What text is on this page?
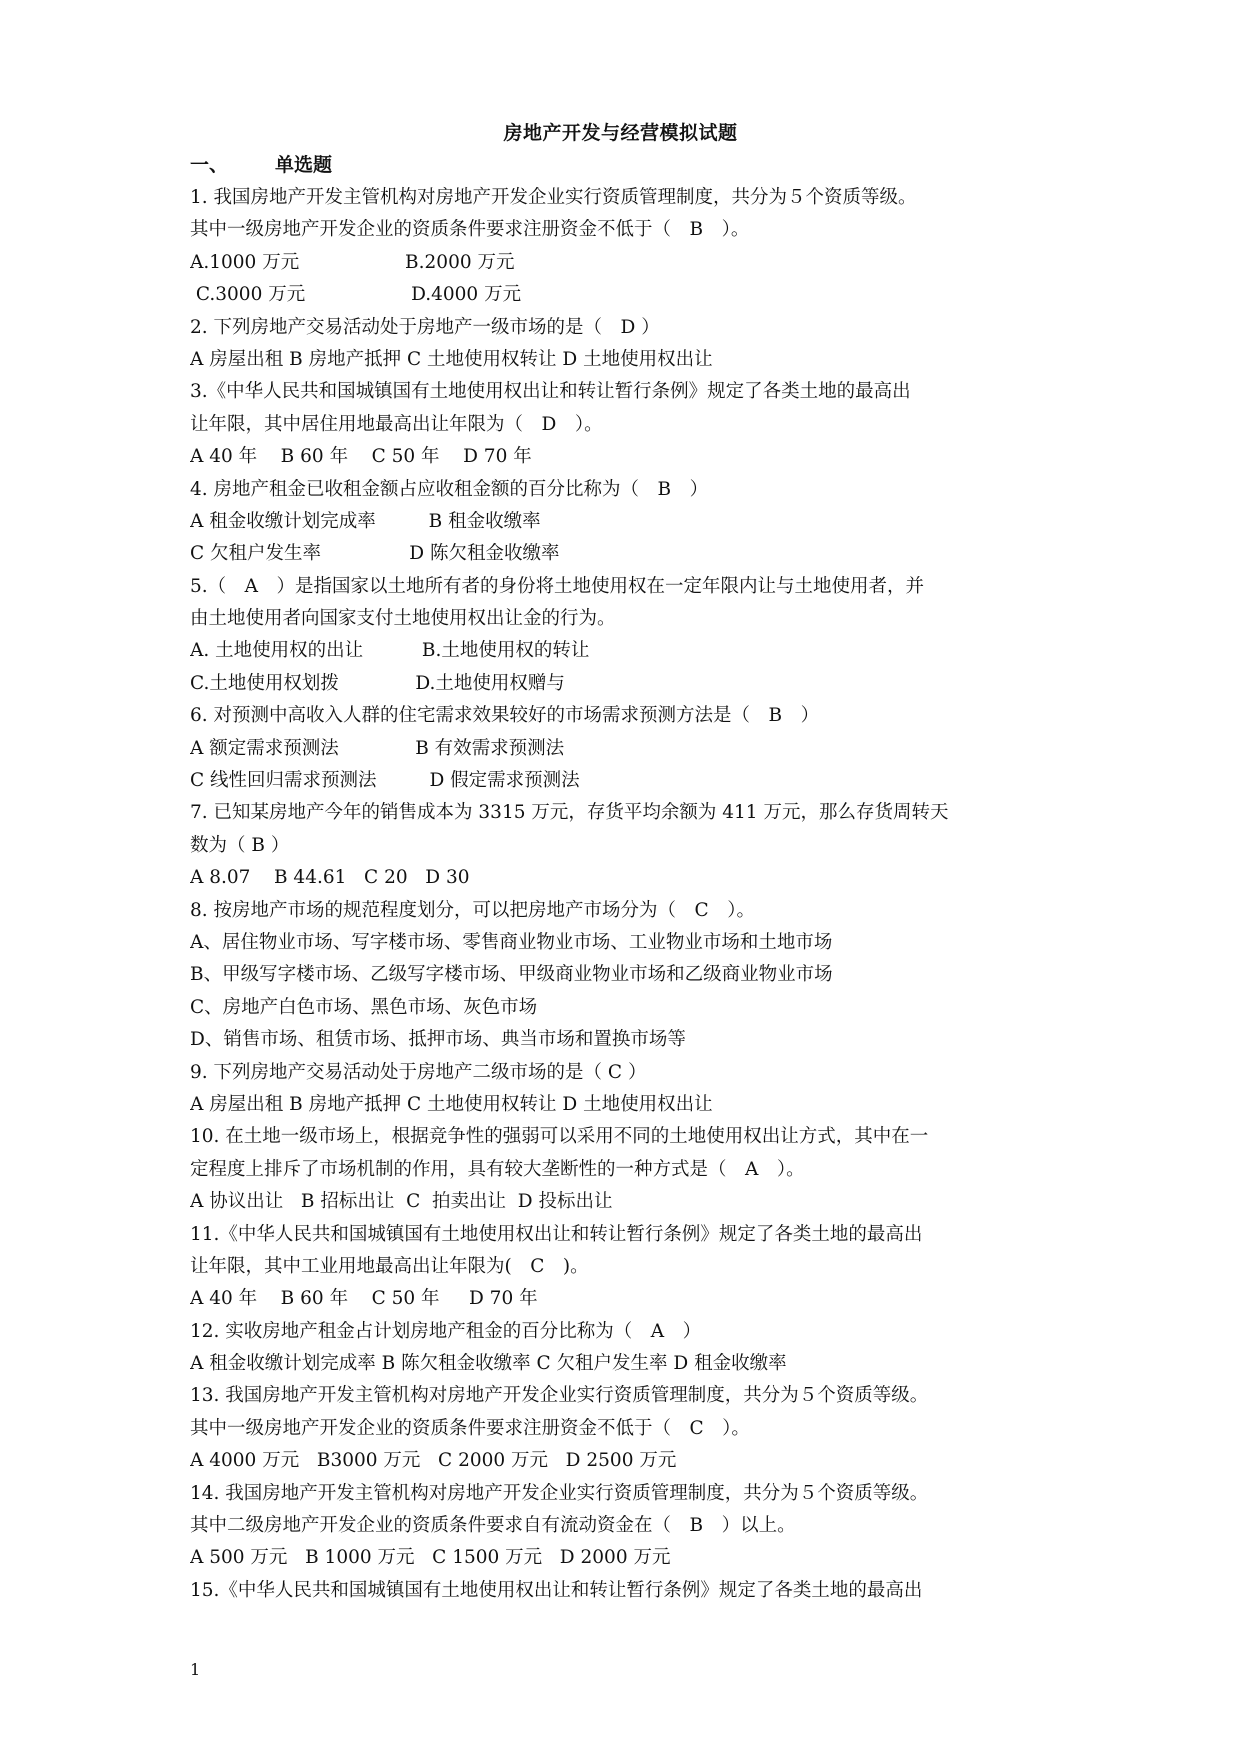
房地产开发与经营模拟试题
一、 单选题
1. 我国房地产开发主管机构对房地产开发企业实行资质管理制度，共分为５个资质等级。
其中一级房地产开发企业的资质条件要求注册资金不低于（　B　）。
A.1000 万元                  B.2000 万元
C.3000 万元                  D.4000 万元
2. 下列房地产交易活动处于房地产一级市场的是（　D ）
A 房屋出租 B 房地产抵押 C 土地使用权转让 D 土地使用权出让
3.《中华人民共和国城镇国有土地使用权出让和转让暂行条例》规定了各类土地的最高出
让年限，其中居住用地最高出让年限为（　D　）。
A 40 年    B 60 年    C 50 年    D 70 年
4. 房地产租金已收租金额占应收租金额的百分比称为（　B　）
A 租金收缴计划完成率         B 租金收缴率
C 欠租户发生率               D 陈欠租金收缴率
5.（　A　）是指国家以土地所有者的身份将土地使用权在一定年限内让与土地使用者，并
由土地使用者向国家支付土地使用权出让金的行为。
A. 土地使用权的出让          B.土地使用权的转让
C.土地使用权划拨             D.土地使用权赠与
6. 对预测中高收入人群的住宅需求效果较好的市场需求预测方法是（　B　）
A 额定需求预测法             B 有效需求预测法
C 线性回归需求预测法         D 假定需求预测法
7. 已知某房地产今年的销售成本为 3315 万元，存货平均余额为 411 万元，那么存货周转天
数为（ B ）
A 8.07    B 44.61   C 20   D 30
8. 按房地产市场的规范程度划分，可以把房地产市场分为（　C　）。
A、居住物业市场、写字楼市场、零售商业物业市场、工业物业市场和土地市场
B、甲级写字楼市场、乙级写字楼市场、甲级商业物业市场和乙级商业物业市场
C、房地产白色市场、黑色市场、灰色市场
D、销售市场、租赁市场、抵押市场、典当市场和置换市场等
9. 下列房地产交易活动处于房地产二级市场的是（ C ）
A 房屋出租 B 房地产抵押 C 土地使用权转让 D 土地使用权出让
10. 在土地一级市场上，根据竞争性的强弱可以采用不同的土地使用权出让方式，其中在一
定程度上排斥了市场机制的作用，具有较大垄断性的一种方式是（　A　）。
A 协议出让   B 招标出让  C  拍卖出让  D 投标出让
11.《中华人民共和国城镇国有土地使用权出让和转让暂行条例》规定了各类土地的最高出
让年限，其中工业用地最高出让年限为(　C　)。
A 40 年    B 60 年    C 50 年     D 70 年
12. 实收房地产租金占计划房地产租金的百分比称为（　A　）
A 租金收缴计划完成率 B 陈欠租金收缴率 C 欠租户发生率 D 租金收缴率
13. 我国房地产开发主管机构对房地产开发企业实行资质管理制度，共分为５个资质等级。
其中一级房地产开发企业的资质条件要求注册资金不低于（　C　）。
A 4000 万元   B3000 万元   C 2000 万元   D 2500 万元
14. 我国房地产开发主管机构对房地产开发企业实行资质管理制度，共分为５个资质等级。
其中二级房地产开发企业的资质条件要求自有流动资金在（　B　）以上。
A 500 万元   B 1000 万元   C 1500 万元   D 2000 万元
15.《中华人民共和国城镇国有土地使用权出让和转让暂行条例》规定了各类土地的最高出
1
